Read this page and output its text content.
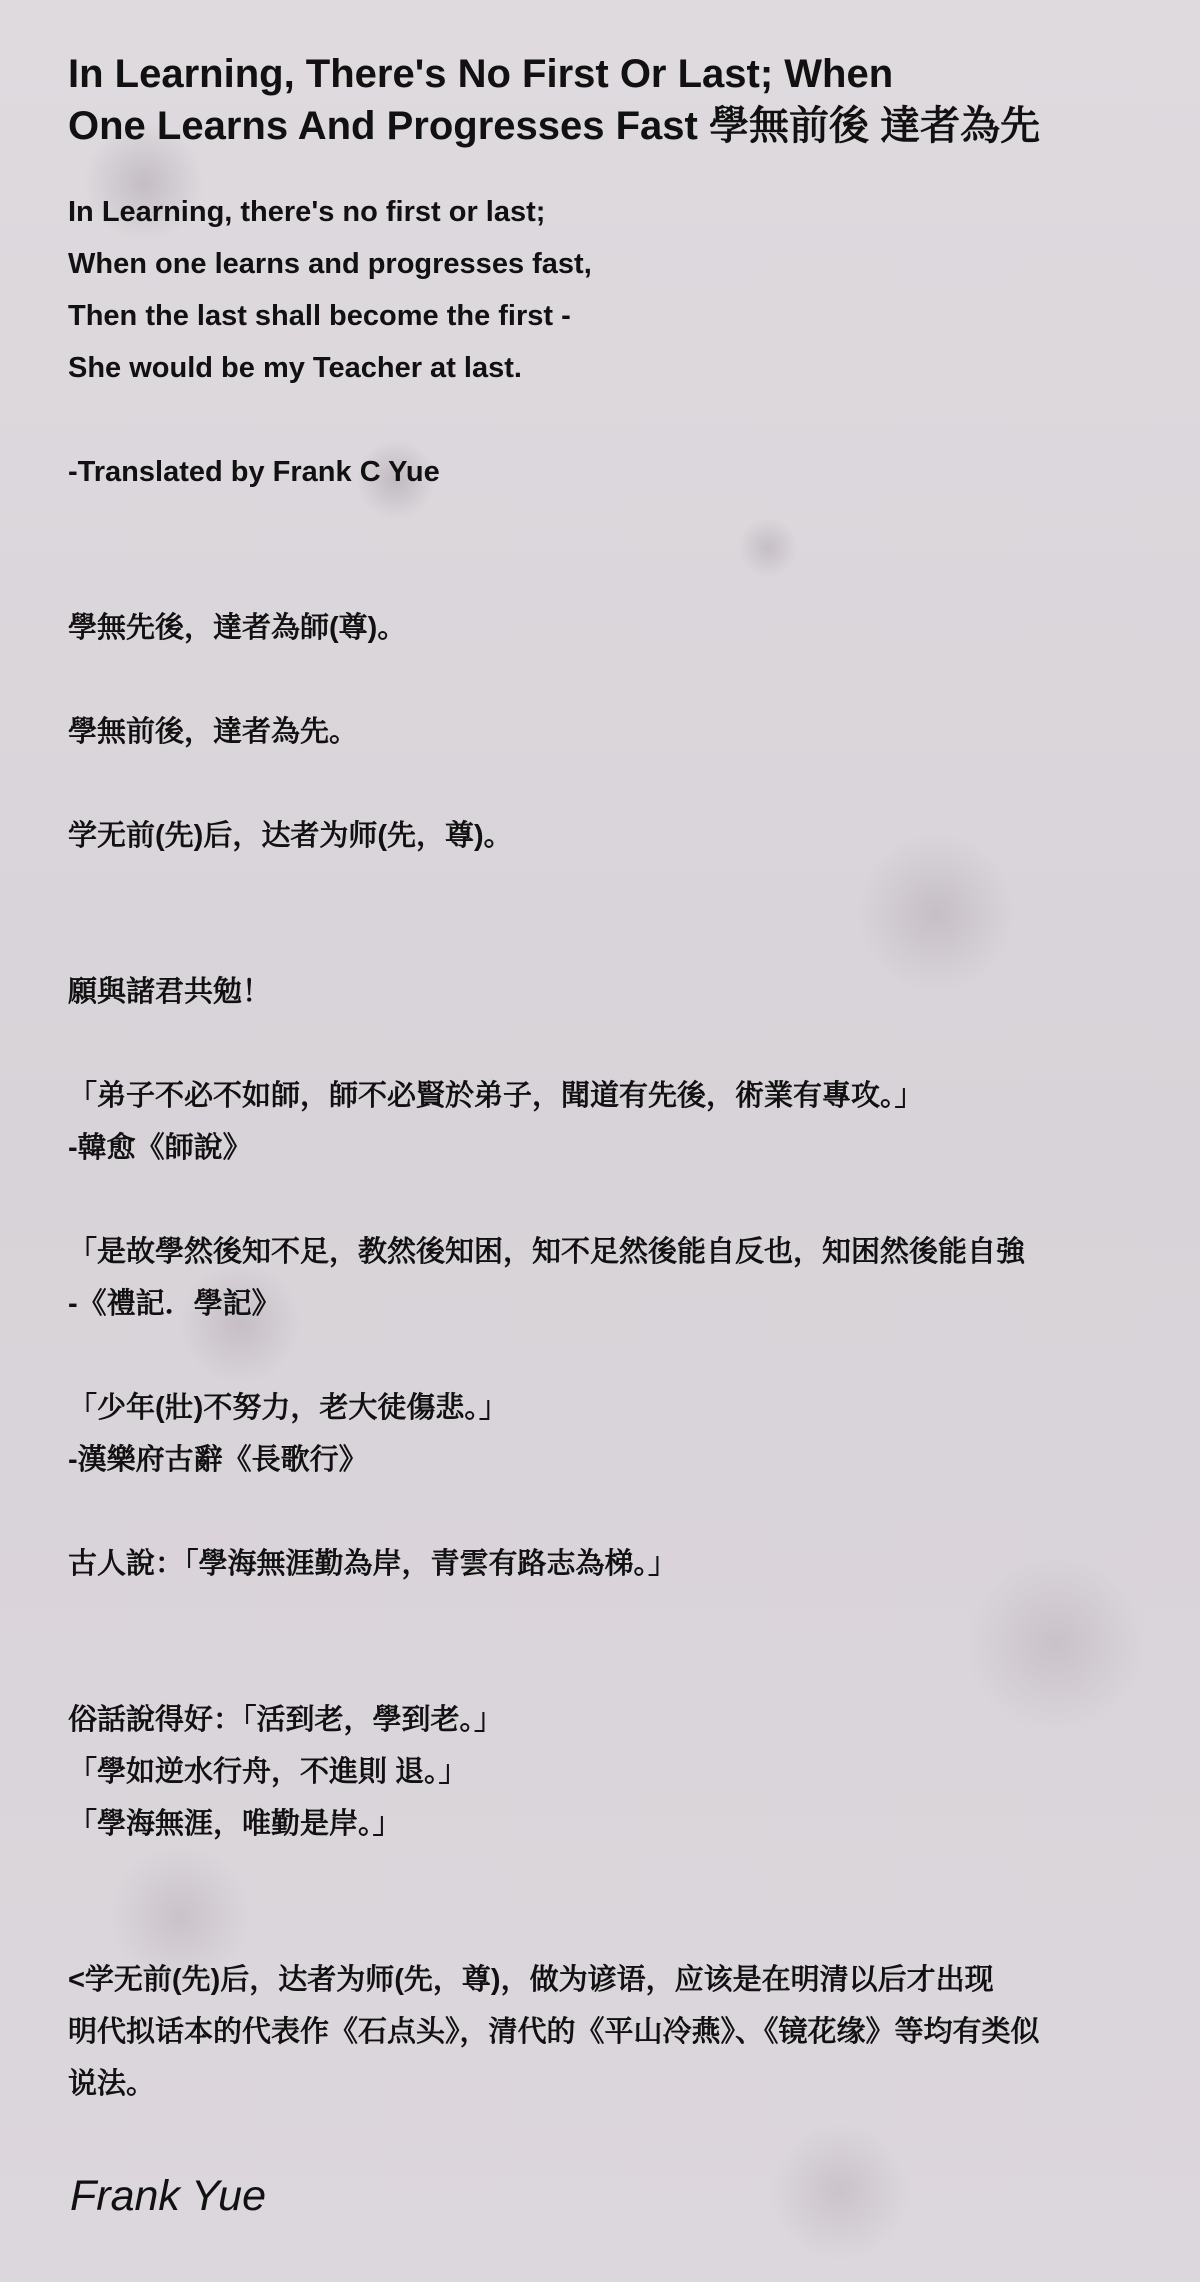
In Learning, There's No First Or Last; When
One Learns And Progresses Fast 學無前後 達者為先
In Learning, there's no first or last;
When one learns and progresses fast,
Then the last shall become the first -
She would be my Teacher at last.
-Translated by Frank C Yue
學無先後，達者為師(尊)。
學無前後，達者為先。
学无前(先)后，达者为师(先，尊)。
願與諸君共勉！
「弟子不必不如師，師不必賢於弟子，聞道有先後，術業有專攻。」
-韓愈《師說》
「是故學然後知不足，教然後知困，知不足然後能自反也，知困然後能自強
-《禮記．學記》
「少年(壯)不努力，老大徒傷悲。」
-漢樂府古辭《長歌行》
古人說：「學海無涯勤為岸，青雲有路志為梯。」
俗話說得好：「活到老，學到老。」
「學如逆水行舟，不進則 退。」
「學海無涯，唯勤是岸。」
<学无前(先)后，达者为师(先，尊)，做为谚语，应该是在明清以后才出现
明代拟话本的代表作《石点头》，清代的《平山冷燕》、《镜花缘》等均有类似
说法。
Frank Yue
